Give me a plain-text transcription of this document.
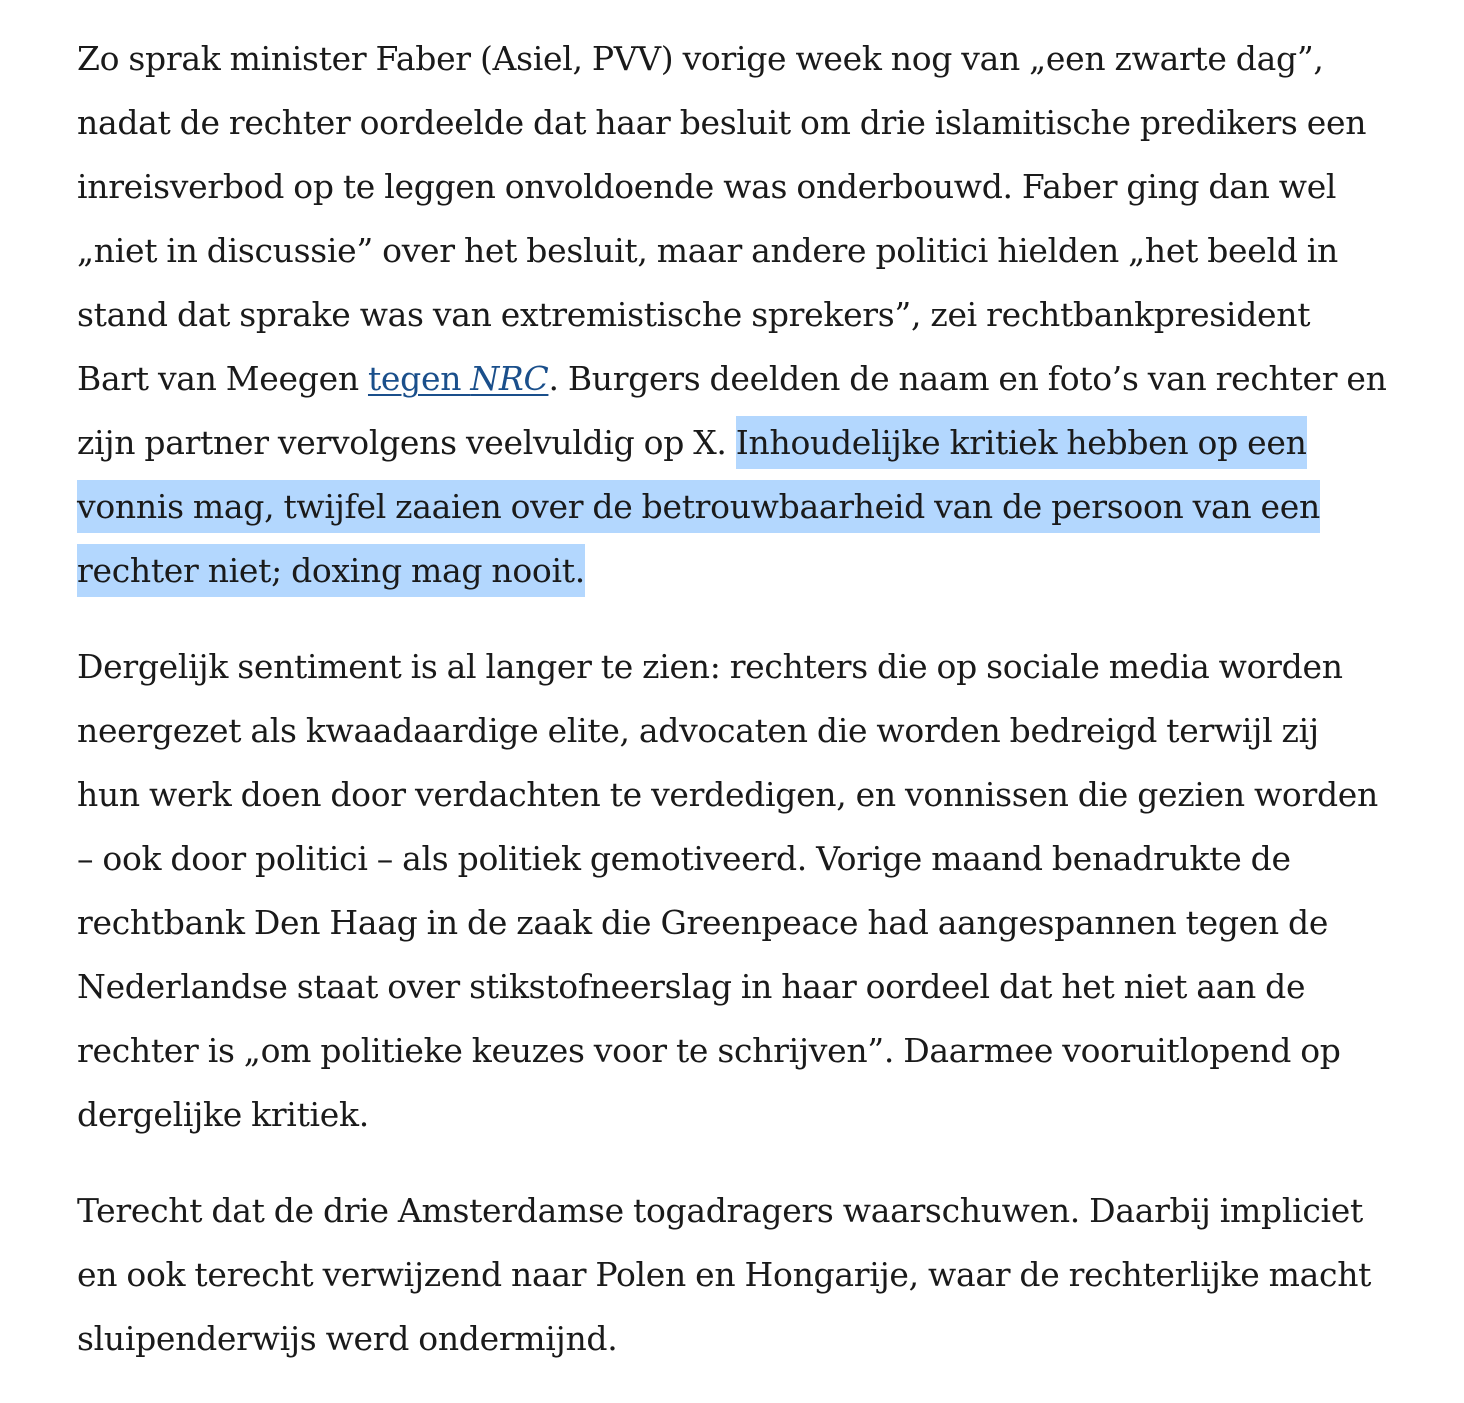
Zo sprak minister Faber (Asiel, PVV) vorige week nog van „een zwarte dag”, nadat de rechter oordeelde dat haar besluit om drie islamitische predikers een inreisverbod op te leggen onvoldoende was onderbouwd. Faber ging dan wel „niet in discussie” over het besluit, maar andere politici hielden „het beeld in stand dat sprake was van extremistische sprekers”, zei rechtbankpresident Bart van Meegen tegen NRC. Burgers deelden de naam en foto’s van rechter en zijn partner vervolgens veelvuldig op X. Inhoudelijke kritiek hebben op een vonnis mag, twijfel zaaien over de betrouwbaarheid van de persoon van een rechter niet; doxing mag nooit.

Dergelijk sentiment is al langer te zien: rechters die op sociale media worden neergezet als kwaadaardige elite, advocaten die worden bedreigd terwijl zij hun werk doen door verdachten te verdedigen, en vonnissen die gezien worden – ook door politici – als politiek gemotiveerd. Vorige maand benadrukte de rechtbank Den Haag in de zaak die Greenpeace had aangespannen tegen de Nederlandse staat over stikstofneerslag in haar oordeel dat het niet aan de rechter is „om politieke keuzes voor te schrijven”. Daarmee vooruitlopend op dergelijke kritiek.

Terecht dat de drie Amsterdamse togadragers waarschuwen. Daarbij impliciet en ook terecht verwijzend naar Polen en Hongarije, waar de rechterlijke macht sluipenderwijs werd ondermijnd.
